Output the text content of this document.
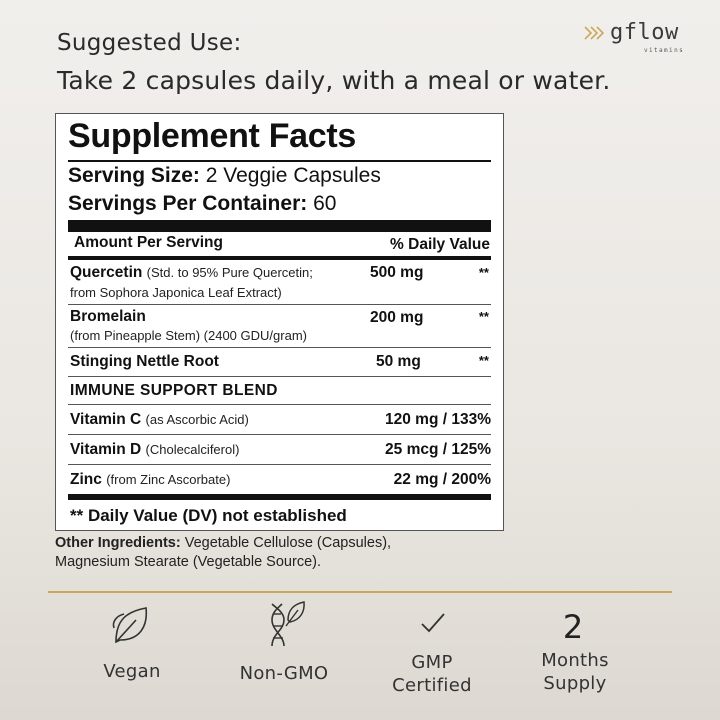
Suggested Use:
Take 2 capsules daily, with a meal or water.
gflow
vitamins
Supplement Facts
Serving Size: 2 Veggie Capsules
Servings Per Container: 60
Amount Per Serving	% Daily Value
Quercetin (Std. to 95% Pure Quercetin;
from Sophora Japonica Leaf Extract)
500 mg	**
Bromelain
(from Pineapple Stem) (2400 GDU/gram)
200 mg	**
Stinging Nettle Root	50 mg	**
IMMUNE SUPPORT BLEND
Vitamin C (as Ascorbic Acid)	120 mg / 133%
Vitamin D (Cholecalciferol)	25 mcg / 125%
Zinc (from Zinc Ascorbate)	22 mg / 200%
** Daily Value (DV) not established
Other Ingredients: Vegetable Cellulose (Capsules),
Magnesium Stearate (Vegetable Source).
Vegan	Non-GMO
GMP
Certified
2
Months
Supply
